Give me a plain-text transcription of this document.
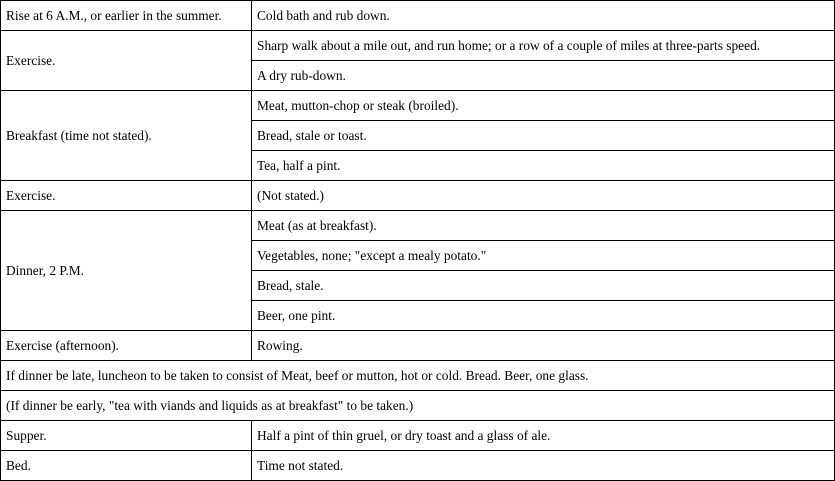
Rise at 6 A.M., or earlier in the summer.	Cold bath and rub down.
Exercise.	Sharp walk about a mile out, and run home; or a row of a couple of miles at three-parts speed.
	A dry rub-down.
Breakfast (time not stated).	Meat, mutton-chop or steak (broiled).
	Bread, stale or toast.
	Tea, half a pint.
Exercise.	(Not stated.)
Dinner, 2 P.M.	Meat (as at breakfast).
	Vegetables, none; "except a mealy potato."
	Bread, stale.
	Beer, one pint.
Exercise (afternoon).	Rowing.
If dinner be late, luncheon to be taken to consist of Meat, beef or mutton, hot or cold. Bread. Beer, one glass.	
(If dinner be early, "tea with viands and liquids as at breakfast" to be taken.)	
Supper.	Half a pint of thin gruel, or dry toast and a glass of ale.
Bed.	Time not stated.
